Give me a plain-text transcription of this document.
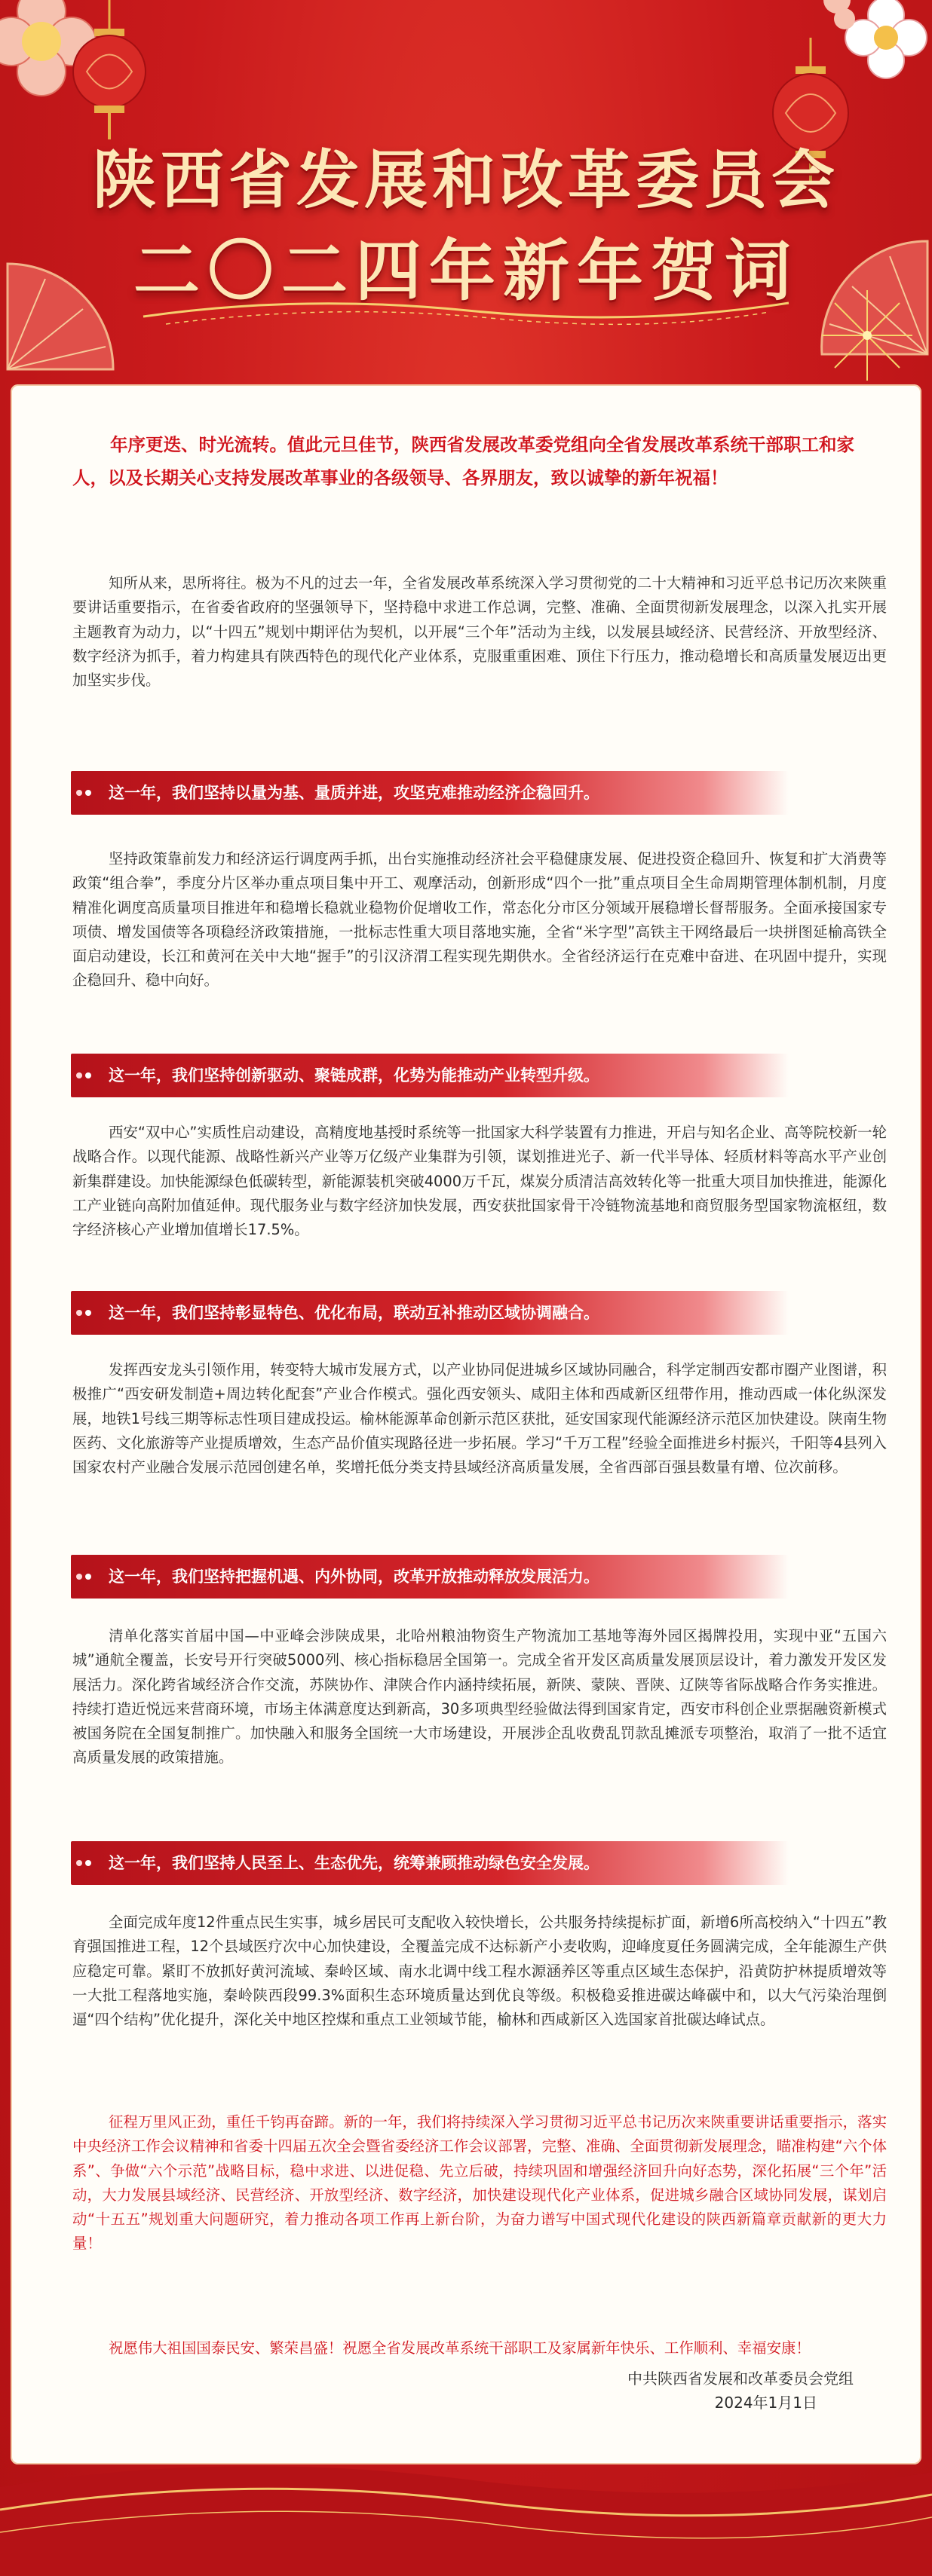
陕西省发展和改革委员会
二〇二四年新年贺词

年序更迭、时光流转。值此元旦佳节，陕西省发展改革委党组向全省发展改革系统干部职工和家人，以及长期关心支持发展改革事业的各级领导、各界朋友，致以诚挚的新年祝福！

知所从来，思所将往。极为不凡的过去一年，全省发展改革系统深入学习贯彻党的二十大精神和习近平总书记历次来陕重要讲话重要指示，在省委省政府的坚强领导下，坚持稳中求进工作总调，完整、准确、全面贯彻新发展理念，以深入扎实开展主题教育为动力，以“十四五”规划中期评估为契机，以开展“三个年”活动为主线，以发展县域经济、民营经济、开放型经济、数字经济为抓手，着力构建具有陕西特色的现代化产业体系，克服重重困难、顶住下行压力，推动稳增长和高质量发展迈出更加坚实步伐。

这一年，我们坚持以量为基、量质并进，攻坚克难推动经济企稳回升。

坚持政策靠前发力和经济运行调度两手抓，出台实施推动经济社会平稳健康发展、促进投资企稳回升、恢复和扩大消费等政策“组合拳”，季度分片区举办重点项目集中开工、观摩活动，创新形成“四个一批”重点项目全生命周期管理体制机制，月度精准化调度高质量项目推进年和稳增长稳就业稳物价促增收工作，常态化分市区分领域开展稳增长督帮服务。全面承接国家专项债、增发国债等各项稳经济政策措施，一批标志性重大项目落地实施，全省“米字型”高铁主干网络最后一块拼图延榆高铁全面启动建设，长江和黄河在关中大地“握手”的引汉济渭工程实现先期供水。全省经济运行在克难中奋进、在巩固中提升，实现企稳回升、稳中向好。

这一年，我们坚持创新驱动、聚链成群，化势为能推动产业转型升级。

西安“双中心”实质性启动建设，高精度地基授时系统等一批国家大科学装置有力推进，开启与知名企业、高等院校新一轮战略合作。以现代能源、战略性新兴产业等万亿级产业集群为引领，谋划推进光子、新一代半导体、轻质材料等高水平产业创新集群建设。加快能源绿色低碳转型，新能源装机突破4000万千瓦，煤炭分质清洁高效转化等一批重大项目加快推进，能源化工产业链向高附加值延伸。现代服务业与数字经济加快发展，西安获批国家骨干冷链物流基地和商贸服务型国家物流枢纽，数字经济核心产业增加值增长17.5%。

这一年，我们坚持彰显特色、优化布局，联动互补推动区域协调融合。

发挥西安龙头引领作用，转变特大城市发展方式，以产业协同促进城乡区域协同融合，科学定制西安都市圈产业图谱，积极推广“西安研发制造+周边转化配套”产业合作模式。强化西安领头、咸阳主体和西咸新区纽带作用，推动西咸一体化纵深发展，地铁1号线三期等标志性项目建成投运。榆林能源革命创新示范区获批，延安国家现代能源经济示范区加快建设。陕南生物医药、文化旅游等产业提质增效，生态产品价值实现路径进一步拓展。学习“千万工程”经验全面推进乡村振兴，千阳等4县列入国家农村产业融合发展示范园创建名单，奖增托低分类支持县域经济高质量发展，全省西部百强县数量有增、位次前移。

这一年，我们坚持把握机遇、内外协同，改革开放推动释放发展活力。

清单化落实首届中国—中亚峰会涉陕成果，北哈州粮油物资生产物流加工基地等海外园区揭牌投用，实现中亚“五国六城”通航全覆盖，长安号开行突破5000列、核心指标稳居全国第一。完成全省开发区高质量发展顶层设计，着力激发开发区发展活力。深化跨省域经济合作交流，苏陕协作、津陕合作内涵持续拓展，新陕、蒙陕、晋陕、辽陕等省际战略合作务实推进。持续打造近悦远来营商环境，市场主体满意度达到新高，30多项典型经验做法得到国家肯定，西安市科创企业票据融资新模式被国务院在全国复制推广。加快融入和服务全国统一大市场建设，开展涉企乱收费乱罚款乱摊派专项整治，取消了一批不适宜高质量发展的政策措施。

这一年，我们坚持人民至上、生态优先，统筹兼顾推动绿色安全发展。

全面完成年度12件重点民生实事，城乡居民可支配收入较快增长，公共服务持续提标扩面，新增6所高校纳入“十四五”教育强国推进工程，12个县域医疗次中心加快建设，全覆盖完成不达标新产小麦收购，迎峰度夏任务圆满完成，全年能源生产供应稳定可靠。紧盯不放抓好黄河流域、秦岭区域、南水北调中线工程水源涵养区等重点区域生态保护，沿黄防护林提质增效等一大批工程落地实施，秦岭陕西段99.3%面积生态环境质量达到优良等级。积极稳妥推进碳达峰碳中和，以大气污染治理倒逼“四个结构”优化提升，深化关中地区控煤和重点工业领域节能，榆林和西咸新区入选国家首批碳达峰试点。

征程万里风正劲，重任千钧再奋蹄。新的一年，我们将持续深入学习贯彻习近平总书记历次来陕重要讲话重要指示，落实中央经济工作会议精神和省委十四届五次全会暨省委经济工作会议部署，完整、准确、全面贯彻新发展理念，瞄准构建“六个体系”、争做“六个示范”战略目标，稳中求进、以进促稳、先立后破，持续巩固和增强经济回升向好态势，深化拓展“三个年”活动，大力发展县域经济、民营经济、开放型经济、数字经济，加快建设现代化产业体系，促进城乡融合区域协同发展，谋划启动“十五五”规划重大问题研究，着力推动各项工作再上新台阶，为奋力谱写中国式现代化建设的陕西新篇章贡献新的更大力量！

祝愿伟大祖国国泰民安、繁荣昌盛！祝愿全省发展改革系统干部职工及家属新年快乐、工作顺利、幸福安康！

中共陕西省发展和改革委员会党组
2024年1月1日
